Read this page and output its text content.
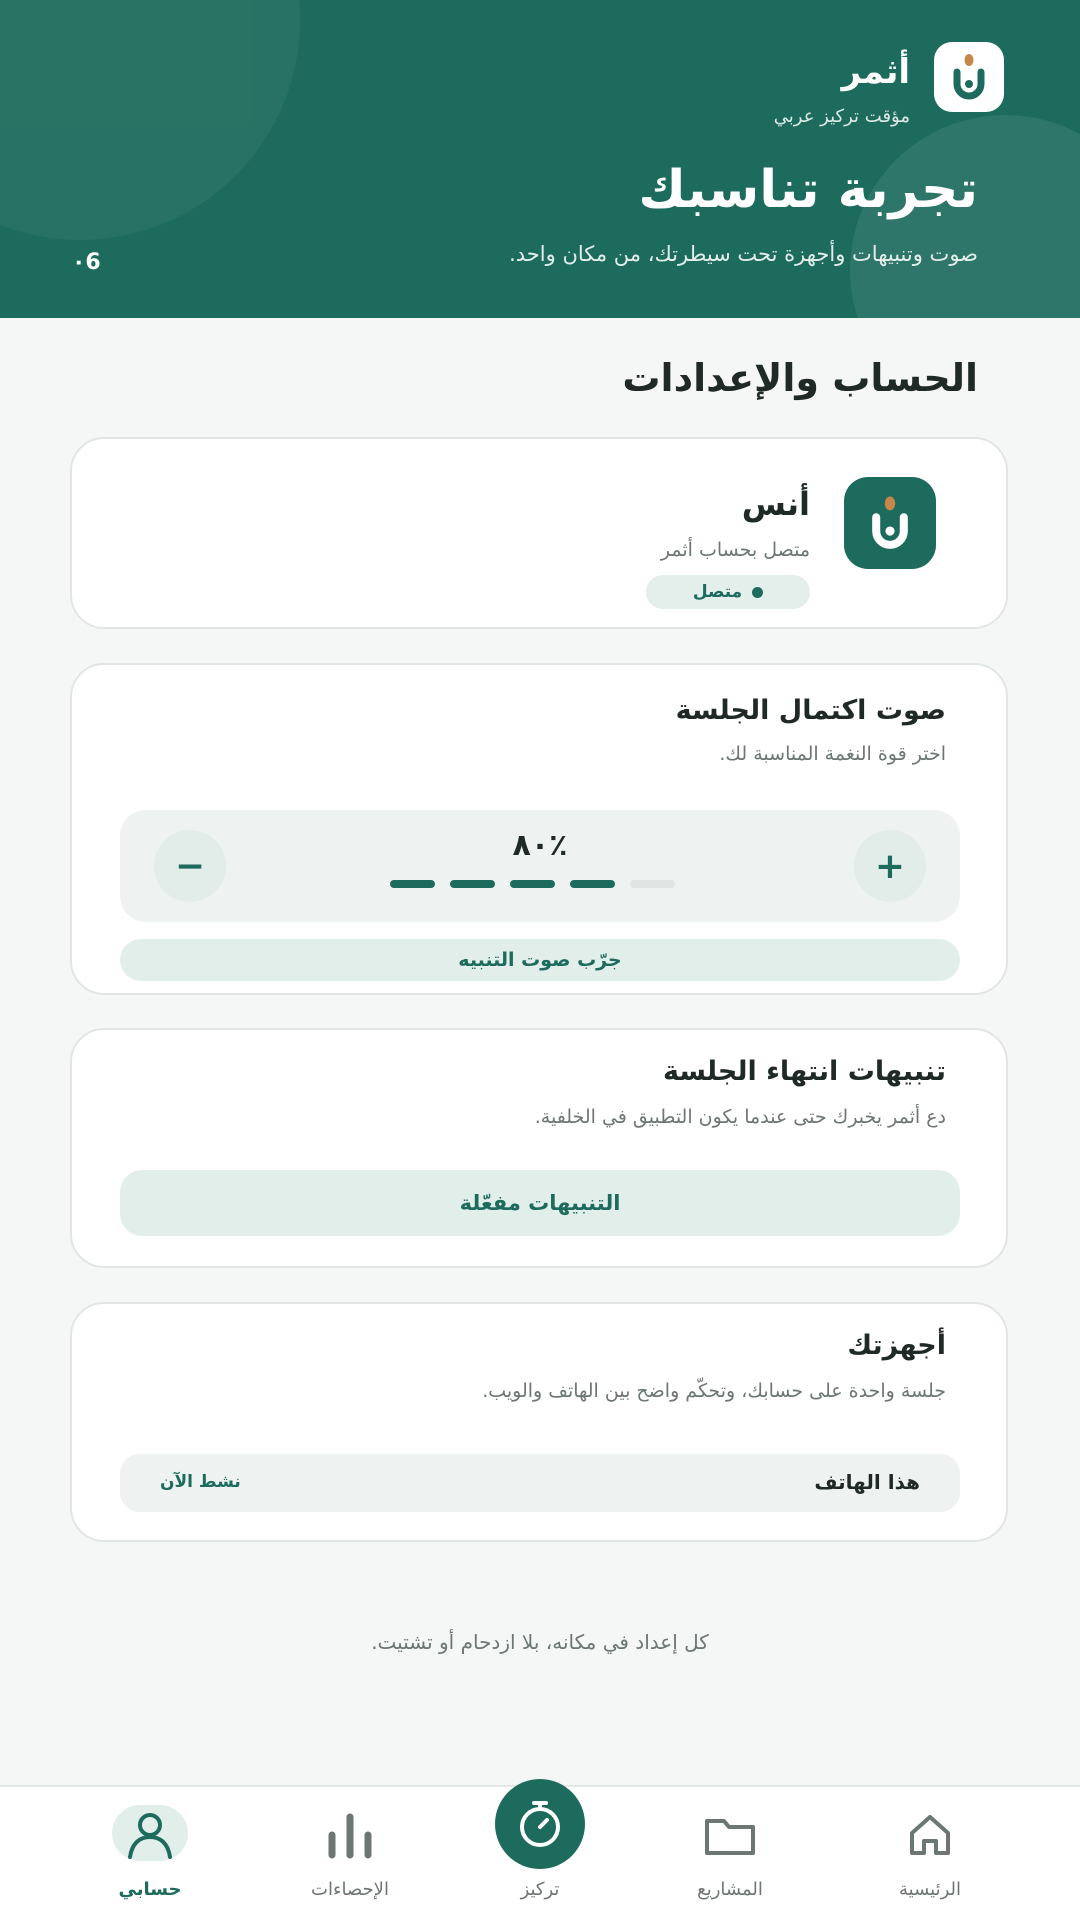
أثمر
مؤقت تركيز عربي
تجربة تناسبك
صوت وتنبيهات وأجهزة تحت سيطرتك، من مكان واحد.
٠6
الحساب والإعدادات
أنس
متصل بحساب أثمر
متصل
صوت اكتمال الجلسة
اختر قوة النغمة المناسبة لك.
−	٨٠٪	+
جرّب صوت التنبيه
تنبيهات انتهاء الجلسة
دع أثمر يخبرك حتى عندما يكون التطبيق في الخلفية.
التنبيهات مفعّلة
أجهزتك
جلسة واحدة على حسابك، وتحكّم واضح بين الهاتف والويب.
هذا الهاتف
نشط الآن
كل إعداد في مكانه، بلا ازدحام أو تشتيت.
الرئيسية
المشاريع
تركيز
الإحصاءات
حسابي
